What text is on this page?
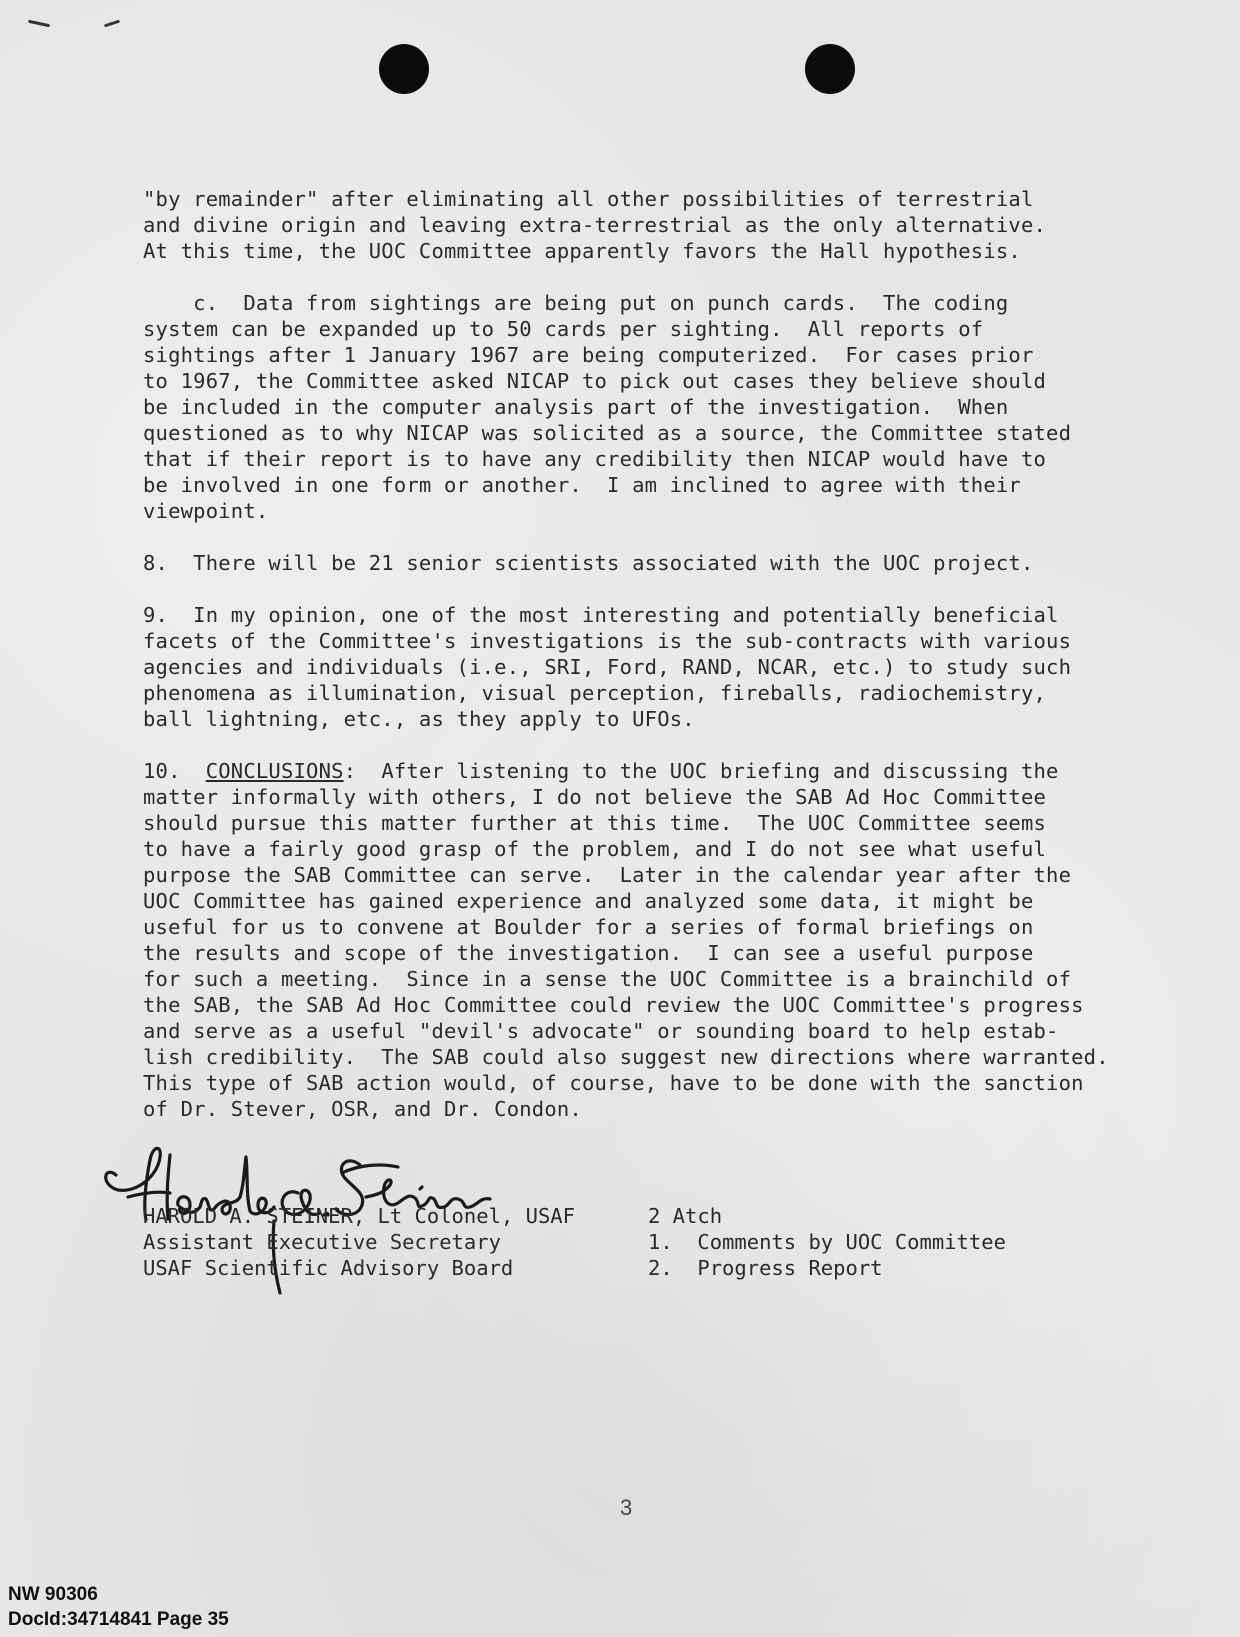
"by remainder" after eliminating all other possibilities of terrestrial

and divine origin and leaving extra-terrestrial as the only alternative.

At this time, the UOC Committee apparently favors the Hall hypothesis.

c.  Data from sightings are being put on punch cards.  The coding

system can be expanded up to 50 cards per sighting.  All reports of

sightings after 1 January 1967 are being computerized.  For cases prior

to 1967, the Committee asked NICAP to pick out cases they believe should

be included in the computer analysis part of the investigation.  When

questioned as to why NICAP was solicited as a source, the Committee stated

that if their report is to have any credibility then NICAP would have to

be involved in one form or another.  I am inclined to agree with their

viewpoint.

8.  There will be 21 senior scientists associated with the UOC project.

9.  In my opinion, one of the most interesting and potentially beneficial

facets of the Committee's investigations is the sub-contracts with various

agencies and individuals (i.e., SRI, Ford, RAND, NCAR, etc.) to study such

phenomena as illumination, visual perception, fireballs, radiochemistry,

ball lightning, etc., as they apply to UFOs.

10.  CONCLUSIONS:  After listening to the UOC briefing and discussing the

matter informally with others, I do not believe the SAB Ad Hoc Committee

should pursue this matter further at this time.  The UOC Committee seems

to have a fairly good grasp of the problem, and I do not see what useful

purpose the SAB Committee can serve.  Later in the calendar year after the

UOC Committee has gained experience and analyzed some data, it might be

useful for us to convene at Boulder for a series of formal briefings on

the results and scope of the investigation.  I can see a useful purpose

for such a meeting.  Since in a sense the UOC Committee is a brainchild of

the SAB, the SAB Ad Hoc Committee could review the UOC Committee's progress

and serve as a useful "devil's advocate" or sounding board to help estab-

lish credibility.  The SAB could also suggest new directions where warranted.

This type of SAB action would, of course, have to be done with the sanction

of Dr. Stever, OSR, and Dr. Condon.

HAROLD A. STEINER, Lt Colonel, USAF
Assistant Executive Secretary
USAF Scientific Advisory Board
2 Atch
1.  Comments by UOC Committee
2.  Progress Report
3
NW 90306
DocId:34714841 Page 35
